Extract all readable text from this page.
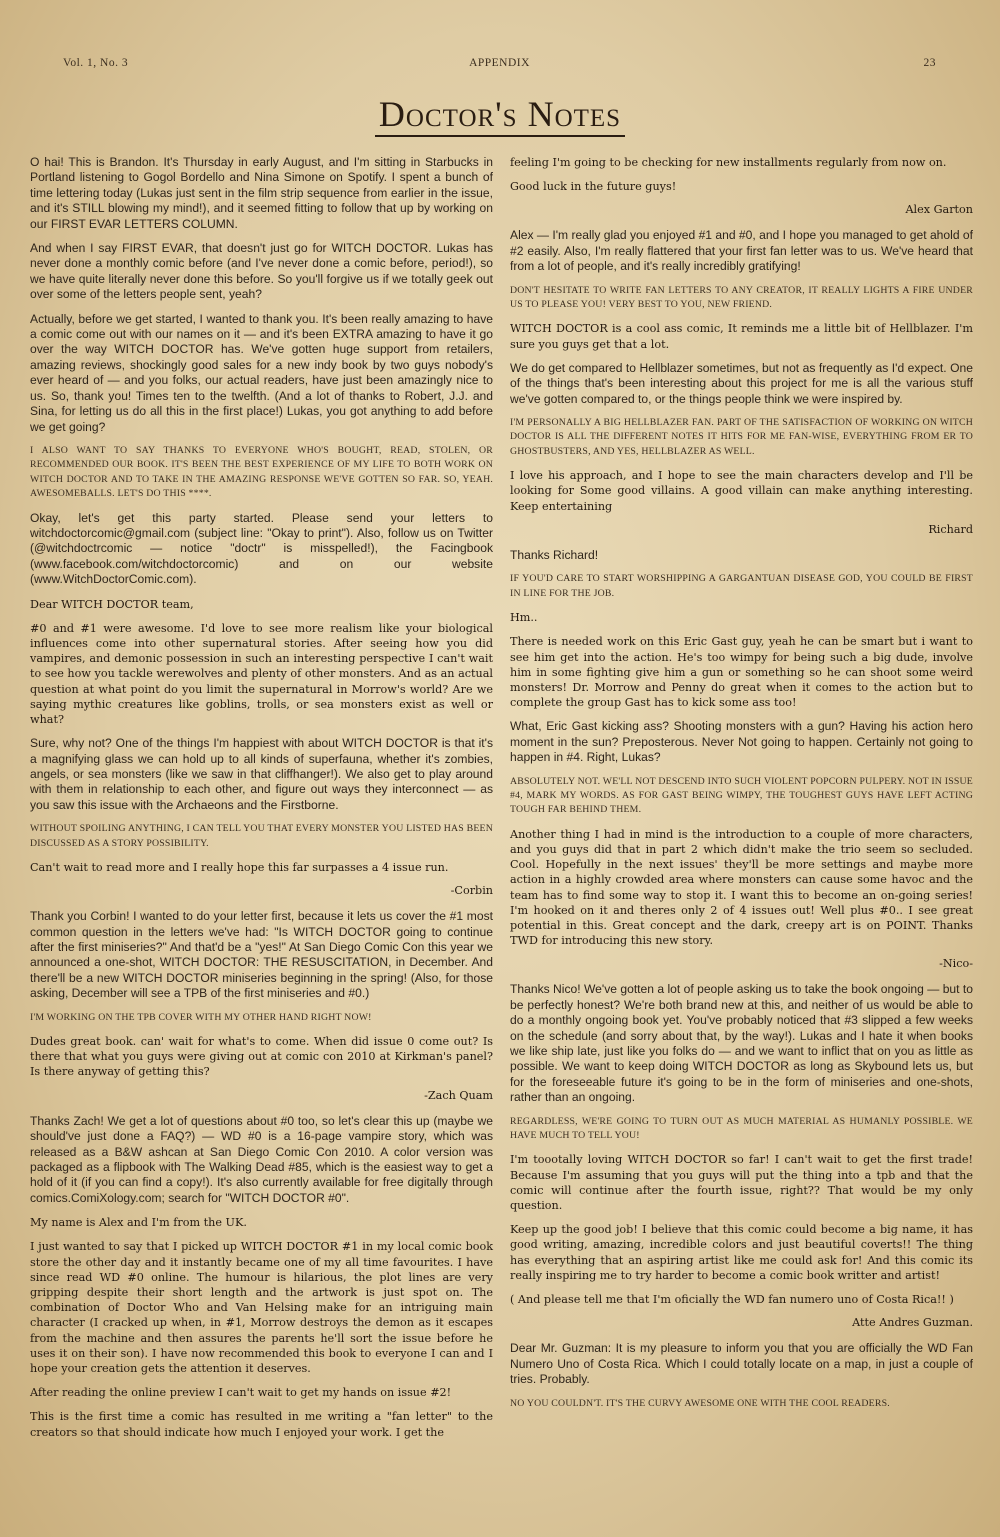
Vol. 1, No. 3	APPENDIX	23
Doctor's Notes

O hai! This is Brandon. It's Thursday in early August, and I'm sitting in Starbucks in Portland listening to Gogol Bordello and Nina Simone on Spotify. I spent a bunch of time lettering today (Lukas just sent in the film strip sequence from earlier in the issue, and it's STILL blowing my mind!), and it seemed fitting to follow that up by working on our FIRST EVAR LETTERS COLUMN.

And when I say FIRST EVAR, that doesn't just go for WITCH DOCTOR. Lukas has never done a monthly comic before (and I've never done a comic before, period!), so we have quite literally never done this before. So you'll forgive us if we totally geek out over some of the letters people sent, yeah?

Actually, before we get started, I wanted to thank you. It's been really amazing to have a comic come out with our names on it — and it's been EXTRA amazing to have it go over the way WITCH DOCTOR has. We've gotten huge support from retailers, amazing reviews, shockingly good sales for a new indy book by two guys nobody's ever heard of — and you folks, our actual readers, have just been amazingly nice to us. So, thank you! Times ten to the twelfth. (And a lot of thanks to Robert, J.J. and Sina, for letting us do all this in the first place!) Lukas, you got anything to add before we get going?

I ALSO WANT TO SAY THANKS TO EVERYONE WHO'S BOUGHT, READ, STOLEN, OR RECOMMENDED OUR BOOK. IT'S BEEN THE BEST EXPERIENCE OF MY LIFE TO BOTH WORK ON WITCH DOCTOR AND TO TAKE IN THE AMAZING RESPONSE WE'VE GOTTEN SO FAR. SO, YEAH. AWESOMEBALLS. LET'S DO THIS ****.

Okay, let's get this party started. Please send your letters to witchdoctorcomic@gmail.com (subject line: "Okay to print"). Also, follow us on Twitter (@witchdoctrcomic — notice "doctr" is misspelled!), the Facingbook (www.facebook.com/witchdoctorcomic) and on our website (www.WitchDoctorComic.com).

Dear WITCH DOCTOR team,

#0 and #1 were awesome. I'd love to see more realism like your biological influences come into other supernatural stories. After seeing how you did vampires, and demonic possession in such an interesting perspective I can't wait to see how you tackle werewolves and plenty of other monsters. And as an actual question at what point do you limit the supernatural in Morrow's world? Are we saying mythic creatures like goblins, trolls, or sea monsters exist as well or what?

Sure, why not? One of the things I'm happiest with about WITCH DOCTOR is that it's a magnifying glass we can hold up to all kinds of superfauna, whether it's zombies, angels, or sea monsters (like we saw in that cliffhanger!). We also get to play around with them in relationship to each other, and figure out ways they interconnect — as you saw this issue with the Archaeons and the Firstborne.

WITHOUT SPOILING ANYTHING, I CAN TELL YOU THAT EVERY MONSTER YOU LISTED HAS BEEN DISCUSSED AS A STORY POSSIBILITY.

Can't wait to read more and I really hope this far surpasses a 4 issue run.

-Corbin

Thank you Corbin! I wanted to do your letter first, because it lets us cover the #1 most common question in the letters we've had: "Is WITCH DOCTOR going to continue after the first miniseries?" And that'd be a "yes!" At San Diego Comic Con this year we announced a one-shot, WITCH DOCTOR: THE RESUSCITATION, in December. And there'll be a new WITCH DOCTOR miniseries beginning in the spring! (Also, for those asking, December will see a TPB of the first miniseries and #0.)

I'M WORKING ON THE TPB COVER WITH MY OTHER HAND RIGHT NOW!

Dudes great book. can' wait for what's to come. When did issue 0 come out? Is there that what you guys were giving out at comic con 2010 at Kirkman's panel? Is there anyway of getting this?

-Zach Quam

Thanks Zach! We get a lot of questions about #0 too, so let's clear this up (maybe we should've just done a FAQ?) — WD #0 is a 16-page vampire story, which was released as a B&W ashcan at San Diego Comic Con 2010. A color version was packaged as a flipbook with The Walking Dead #85, which is the easiest way to get a hold of it (if you can find a copy!). It's also currently available for free digitally through comics.ComiXology.com; search for "WITCH DOCTOR #0".

My name is Alex and I'm from the UK.

I just wanted to say that I picked up WITCH DOCTOR #1 in my local comic book store the other day and it instantly became one of my all time favourites. I have since read WD #0 online. The humour is hilarious, the plot lines are very gripping despite their short length and the artwork is just spot on. The combination of Doctor Who and Van Helsing make for an intriguing main character (I cracked up when, in #1, Morrow destroys the demon as it escapes from the machine and then assures the parents he'll sort the issue before he uses it on their son). I have now recommended this book to everyone I can and I hope your creation gets the attention it deserves.

After reading the online preview I can't wait to get my hands on issue #2!

This is the first time a comic has resulted in me writing a "fan letter" to the creators so that should indicate how much I enjoyed your work. I get the

feeling I'm going to be checking for new installments regularly from now on.

Good luck in the future guys!

Alex Garton

Alex — I'm really glad you enjoyed #1 and #0, and I hope you managed to get ahold of #2 easily. Also, I'm really flattered that your first fan letter was to us. We've heard that from a lot of people, and it's really incredibly gratifying!

DON'T HESITATE TO WRITE FAN LETTERS TO ANY CREATOR, IT REALLY LIGHTS A FIRE UNDER US TO PLEASE YOU! VERY BEST TO YOU, NEW FRIEND.

WITCH DOCTOR is a cool ass comic, It reminds me a little bit of Hellblazer. I'm sure you guys get that a lot.

We do get compared to Hellblazer sometimes, but not as frequently as I'd expect. One of the things that's been interesting about this project for me is all the various stuff we've gotten compared to, or the things people think we were inspired by.

I'M PERSONALLY A BIG HELLBLAZER FAN. PART OF THE SATISFACTION OF WORKING ON WITCH DOCTOR IS ALL THE DIFFERENT NOTES IT HITS FOR ME FAN-WISE, EVERYTHING FROM ER TO GHOSTBUSTERS, AND YES, HELLBLAZER AS WELL.

I love his approach, and I hope to see the main characters develop and I'll be looking for Some good villains. A good villain can make anything interesting. Keep entertaining

Richard

Thanks Richard!

IF YOU'D CARE TO START WORSHIPPING A GARGANTUAN DISEASE GOD, YOU COULD BE FIRST IN LINE FOR THE JOB.

Hm..

There is needed work on this Eric Gast guy, yeah he can be smart but i want to see him get into the action. He's too wimpy for being such a big dude, involve him in some fighting give him a gun or something so he can shoot some weird monsters! Dr. Morrow and Penny do great when it comes to the action but to complete the group Gast has to kick some ass too!

What, Eric Gast kicking ass? Shooting monsters with a gun? Having his action hero moment in the sun? Preposterous. Never Not going to happen. Certainly not going to happen in #4. Right, Lukas?

ABSOLUTELY NOT. WE'LL NOT DESCEND INTO SUCH VIOLENT POPCORN PULPERY. NOT IN ISSUE #4, MARK MY WORDS. AS FOR GAST BEING WIMPY, THE TOUGHEST GUYS HAVE LEFT ACTING TOUGH FAR BEHIND THEM.

Another thing I had in mind is the introduction to a couple of more characters, and you guys did that in part 2 which didn't make the trio seem so secluded. Cool. Hopefully in the next issues' they'll be more settings and maybe more action in a highly crowded area where monsters can cause some havoc and the team has to find some way to stop it. I want this to become an on-going series! I'm hooked on it and theres only 2 of 4 issues out! Well plus #0.. I see great potential in this. Great concept and the dark, creepy art is on POINT. Thanks TWD for introducing this new story.

-Nico-

Thanks Nico! We've gotten a lot of people asking us to take the book ongoing — but to be perfectly honest? We're both brand new at this, and neither of us would be able to do a monthly ongoing book yet. You've probably noticed that #3 slipped a few weeks on the schedule (and sorry about that, by the way!). Lukas and I hate it when books we like ship late, just like you folks do — and we want to inflict that on you as little as possible. We want to keep doing WITCH DOCTOR as long as Skybound lets us, but for the foreseeable future it's going to be in the form of miniseries and one-shots, rather than an ongoing.

REGARDLESS, WE'RE GOING TO TURN OUT AS MUCH MATERIAL AS HUMANLY POSSIBLE. WE HAVE MUCH TO TELL YOU!

I'm toootally loving WITCH DOCTOR so far! I can't wait to get the first trade! Because I'm assuming that you guys will put the thing into a tpb and that the comic will continue after the fourth issue, right?? That would be my only question.

Keep up the good job! I believe that this comic could become a big name, it has good writing, amazing, incredible colors and just beautiful coverts!! The thing has everything that an aspiring artist like me could ask for! And this comic its really inspiring me to try harder to become a comic book writter and artist!

( And please tell me that I'm oficially the WD fan numero uno of Costa Rica!! )

Atte Andres Guzman.

Dear Mr. Guzman: It is my pleasure to inform you that you are officially the WD Fan Numero Uno of Costa Rica. Which I could totally locate on a map, in just a couple of tries. Probably.

NO YOU COULDN'T. IT'S THE CURVY AWESOME ONE WITH THE COOL READERS.
